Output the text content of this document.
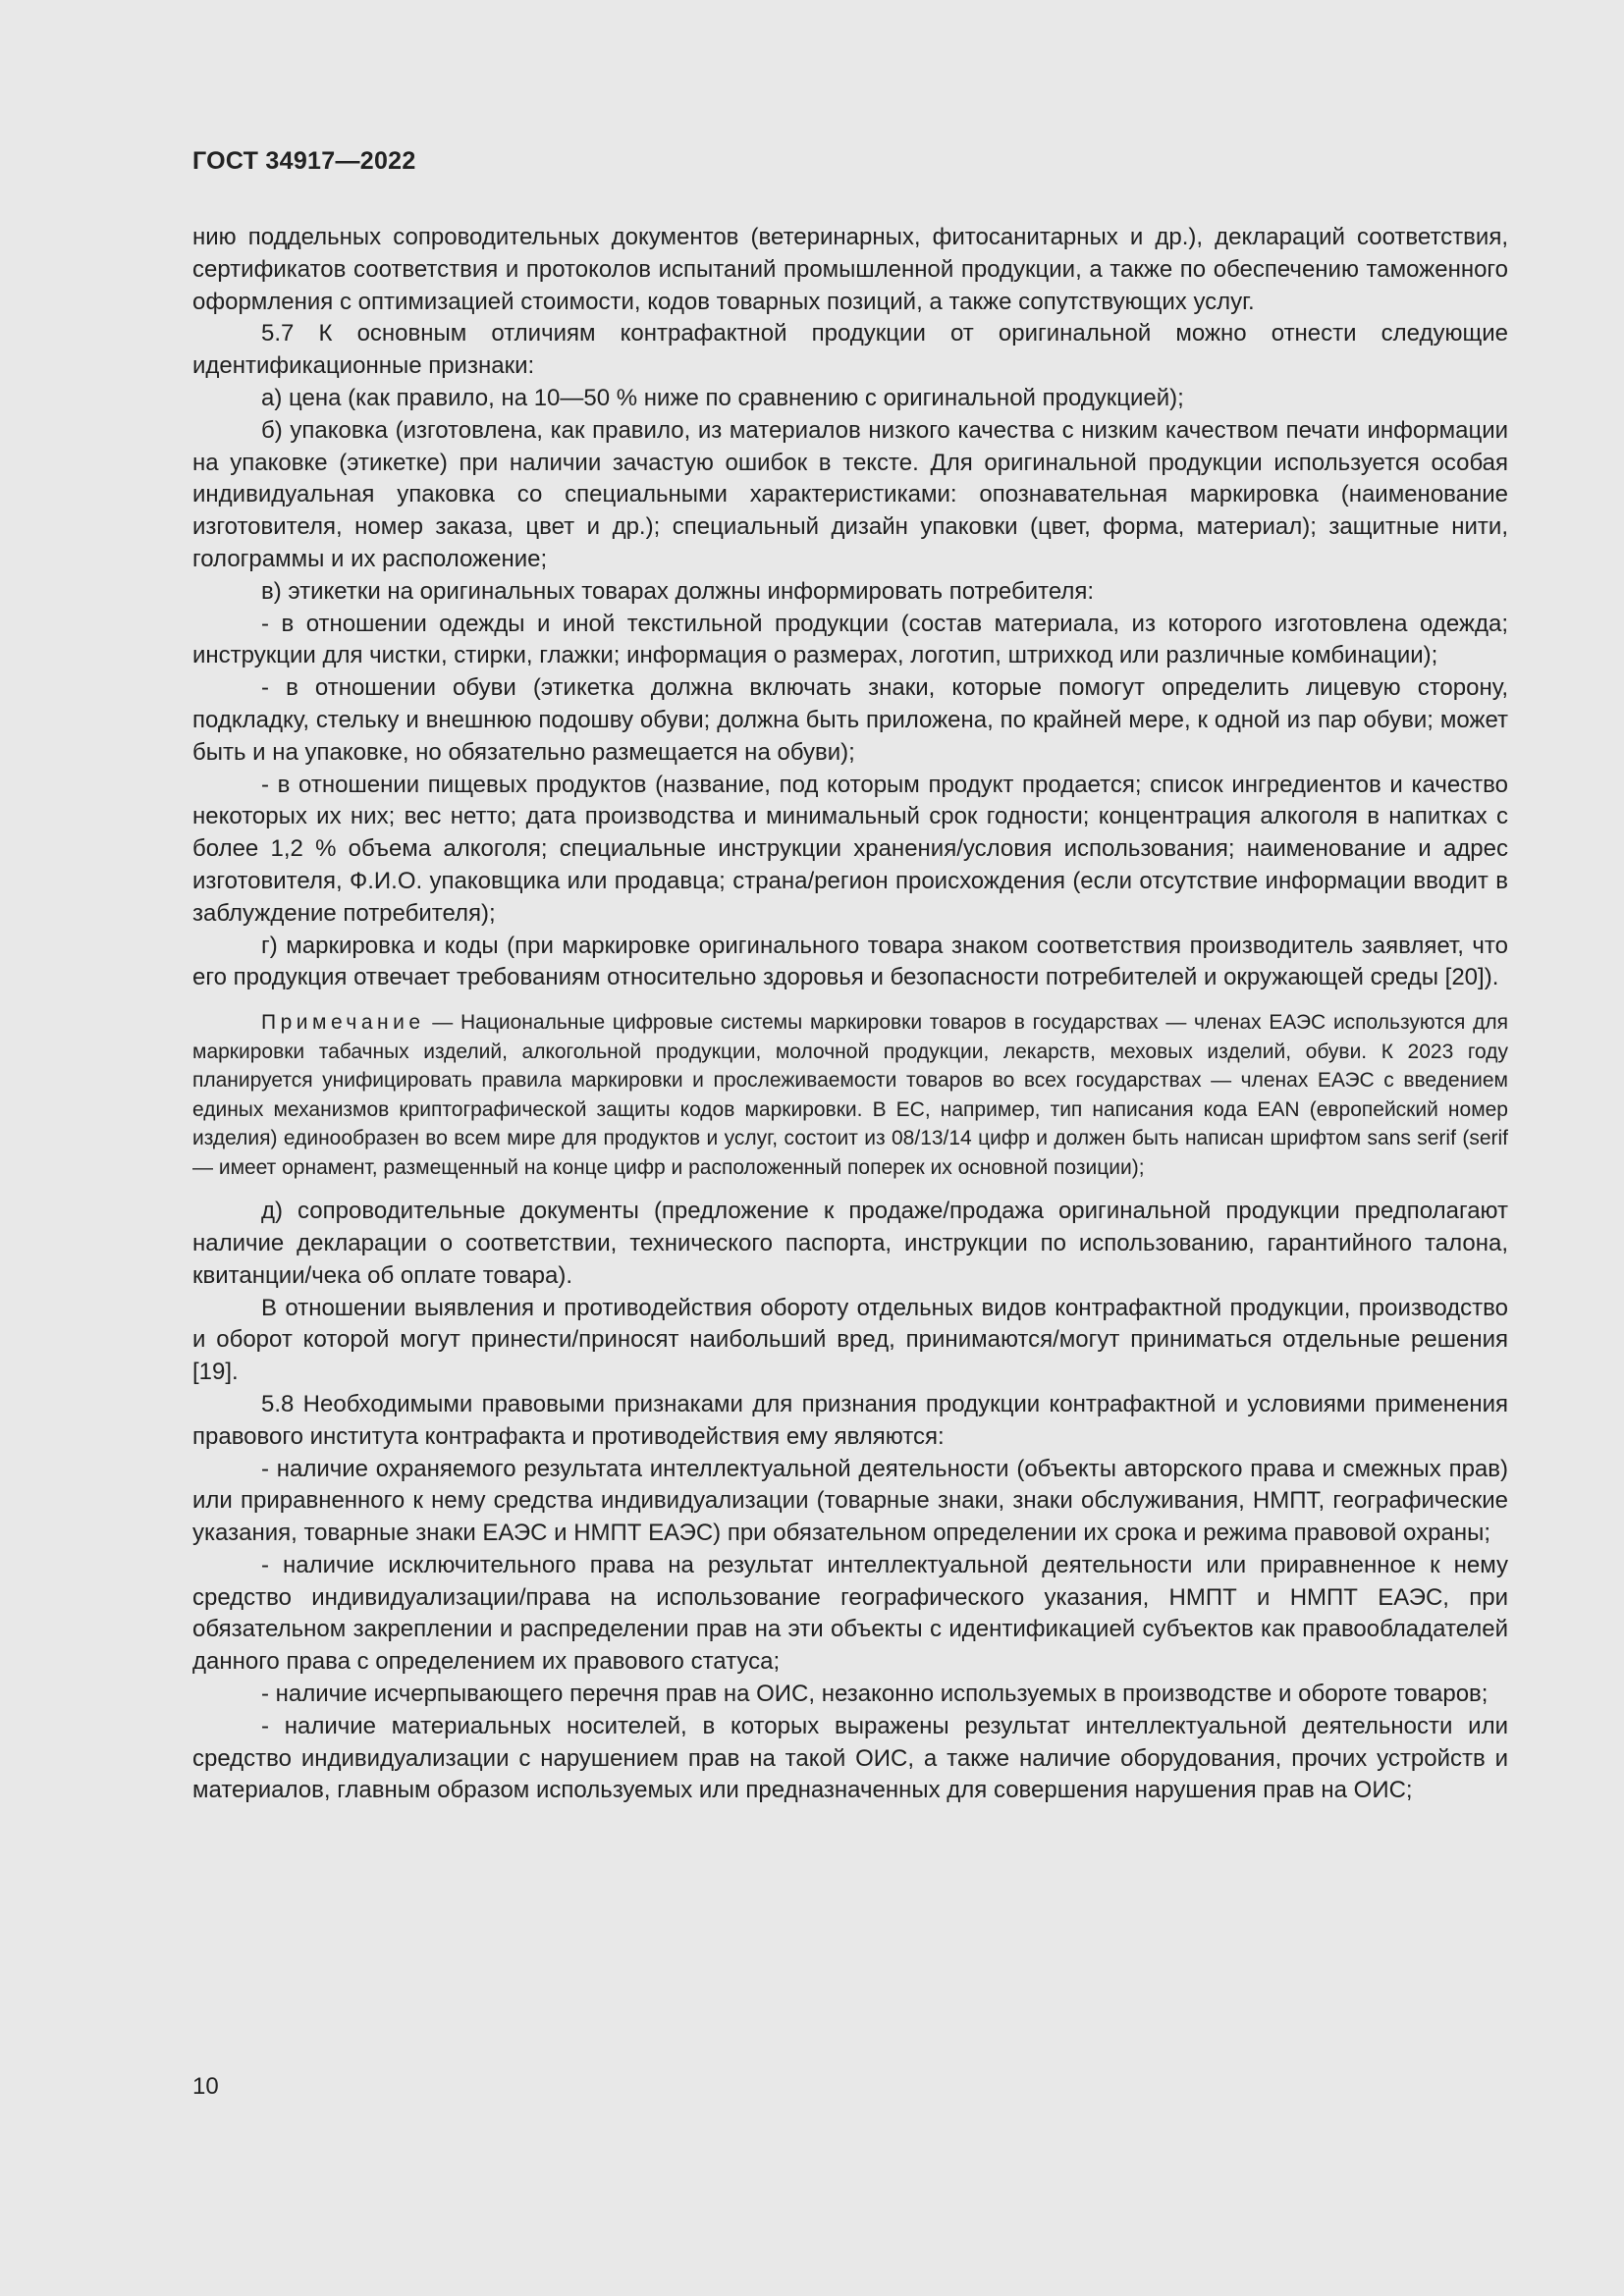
ГОСТ 34917—2022

нию поддельных сопроводительных документов (ветеринарных, фитосанитарных и др.), деклараций соответствия, сертификатов соответствия и протоколов испытаний промышленной продукции, а также по обеспечению таможенного оформления с оптимизацией стоимости, кодов товарных позиций, а также сопутствующих услуг.

5.7 К основным отличиям контрафактной продукции от оригинальной можно отнести следующие идентификационные признаки:

а) цена (как правило, на 10—50 % ниже по сравнению с оригинальной продукцией);

б) упаковка (изготовлена, как правило, из материалов низкого качества с низким качеством печати информации на упаковке (этикетке) при наличии зачастую ошибок в тексте. Для оригинальной продукции используется особая индивидуальная упаковка со специальными характеристиками: опознавательная маркировка (наименование изготовителя, номер заказа, цвет и др.); специальный дизайн упаковки (цвет, форма, материал); защитные нити, голограммы и их расположение;

в) этикетки на оригинальных товарах должны информировать потребителя:

- в отношении одежды и иной текстильной продукции (состав материала, из которого изготовлена одежда; инструкции для чистки, стирки, глажки; информация о размерах, логотип, штрихкод или различные комбинации);

- в отношении обуви (этикетка должна включать знаки, которые помогут определить лицевую сторону, подкладку, стельку и внешнюю подошву обуви; должна быть приложена, по крайней мере, к одной из пар обуви; может быть и на упаковке, но обязательно размещается на обуви);

- в отношении пищевых продуктов (название, под которым продукт продается; список ингредиентов и качество некоторых их них; вес нетто; дата производства и минимальный срок годности; концентрация алкоголя в напитках с более 1,2 % объема алкоголя; специальные инструкции хранения/условия использования; наименование и адрес изготовителя, Ф.И.О. упаковщика или продавца; страна/регион происхождения (если отсутствие информации вводит в заблуждение потребителя);

г) маркировка и коды (при маркировке оригинального товара знаком соответствия производитель заявляет, что его продукция отвечает требованиям относительно здоровья и безопасности потребителей и окружающей среды [20]).

Примечание — Национальные цифровые системы маркировки товаров в государствах — членах ЕАЭС используются для маркировки табачных изделий, алкогольной продукции, молочной продукции, лекарств, меховых изделий, обуви. К 2023 году планируется унифицировать правила маркировки и прослеживаемости товаров во всех государствах — членах ЕАЭС с введением единых механизмов криптографической защиты кодов маркировки. В ЕС, например, тип написания кода EAN (европейский номер изделия) единообразен во всем мире для продуктов и услуг, состоит из 08/13/14 цифр и должен быть написан шрифтом sans serif (serif — имеет орнамент, размещенный на конце цифр и расположенный поперек их основной позиции);

д) сопроводительные документы (предложение к продаже/продажа оригинальной продукции предполагают наличие декларации о соответствии, технического паспорта, инструкции по использованию, гарантийного талона, квитанции/чека об оплате товара).

В отношении выявления и противодействия обороту отдельных видов контрафактной продукции, производство и оборот которой могут принести/приносят наибольший вред, принимаются/могут приниматься отдельные решения [19].

5.8 Необходимыми правовыми признаками для признания продукции контрафактной и условиями применения правового института контрафакта и противодействия ему являются:

- наличие охраняемого результата интеллектуальной деятельности (объекты авторского права и смежных прав) или приравненного к нему средства индивидуализации (товарные знаки, знаки обслуживания, НМПТ, географические указания, товарные знаки ЕАЭС и НМПТ ЕАЭС) при обязательном определении их срока и режима правовой охраны;

- наличие исключительного права на результат интеллектуальной деятельности или приравненное к нему средство индивидуализации/права на использование географического указания, НМПТ и НМПТ ЕАЭС, при обязательном закреплении и распределении прав на эти объекты с идентификацией субъектов как правообладателей данного права с определением их правового статуса;

- наличие исчерпывающего перечня прав на ОИС, незаконно используемых в производстве и обороте товаров;

- наличие материальных носителей, в которых выражены результат интеллектуальной деятельности или средство индивидуализации с нарушением прав на такой ОИС, а также наличие оборудования, прочих устройств и материалов, главным образом используемых или предназначенных для совершения нарушения прав на ОИС;

10
